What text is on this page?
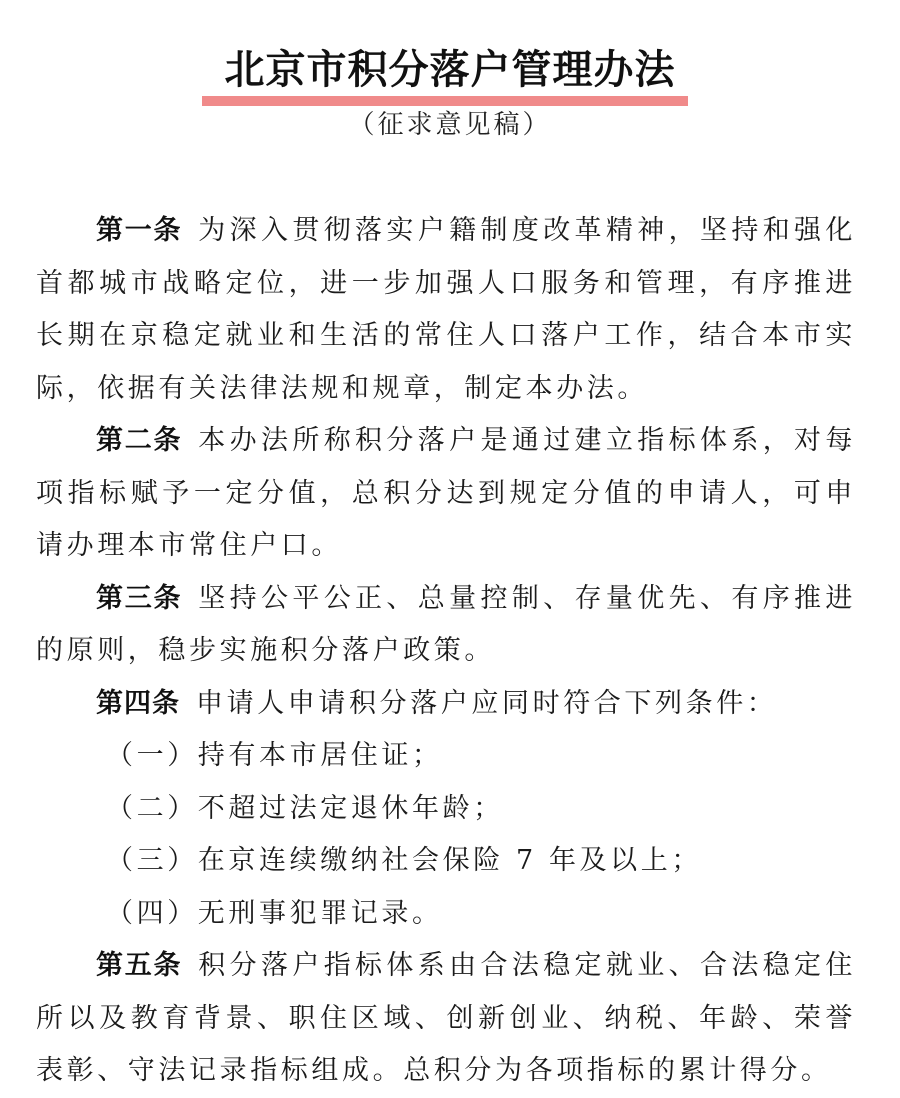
北京市积分落户管理办法
（征求意见稿）

第一条 为深入贯彻落实户籍制度改革精神，坚持和强化首都城市战略定位，进一步加强人口服务和管理，有序推进长期在京稳定就业和生活的常住人口落户工作，结合本市实际，依据有关法律法规和规章，制定本办法。

第二条 本办法所称积分落户是通过建立指标体系，对每项指标赋予一定分值，总积分达到规定分值的申请人，可申请办理本市常住户口。

第三条 坚持公平公正、总量控制、存量优先、有序推进的原则，稳步实施积分落户政策。

第四条 申请人申请积分落户应同时符合下列条件：

（一）持有本市居住证；

（二）不超过法定退休年龄；

（三）在京连续缴纳社会保险 7 年及以上；

（四）无刑事犯罪记录。

第五条 积分落户指标体系由合法稳定就业、合法稳定住所以及教育背景、职住区域、创新创业、纳税、年龄、荣誉表彰、守法记录指标组成。总积分为各项指标的累计得分。
